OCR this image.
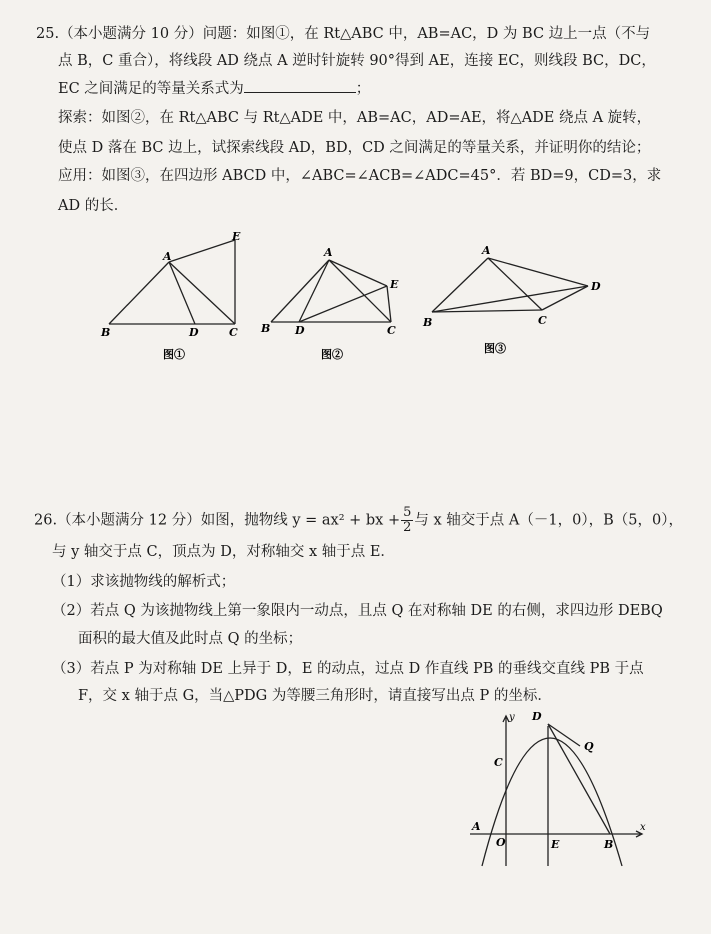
25.（本小题满分 10 分）问题：如图①，在 Rt△ABC 中，AB=AC，D 为 BC 边上一点（不与
点 B，C 重合），将线段 AD 绕点 A 逆时针旋转 90°得到 AE，连接 EC，则线段 BC，DC，
EC 之间满足的等量关系式为	；
探索：如图②，在 Rt△ABC 与 Rt△ADE 中，AB=AC，AD=AE，将△ADE 绕点 A 旋转，
使点 D 落在 BC 边上，试探索线段 AD，BD，CD 之间满足的等量关系，并证明你的结论；
应用：如图③，在四边形 ABCD 中，∠ABC=∠ACB=∠ADC=45°．若 BD=9，CD=3，求
AD 的长．
A
E
B	D	C
图①
A
E
B D	C
图②
A
D
B	C
图③
26.（本小题满分 12 分）如图，抛物线 y = ax² + bx + $\frac{5}{2}$ 与 x 轴交于点 A（－1，0），B（5，0），
与 y 轴交于点 C，顶点为 D，对称轴交 x 轴于点 E．
（1）求该抛物线的解析式；
（2）若点 Q 为该抛物线上第一象限内一动点，且点 Q 在对称轴 DE 的右侧，求四边形 DEBQ
面积的最大值及此时点 Q 的坐标；
（3）若点 P 为对称轴 DE 上异于 D，E 的动点，过点 D 作直线 PB 的垂线交直线 PB 于点
F，交 x 轴于点 G，当△PDG 为等腰三角形时，请直接写出点 P 的坐标．
y
x
D
C
Q
A
O	E	B
